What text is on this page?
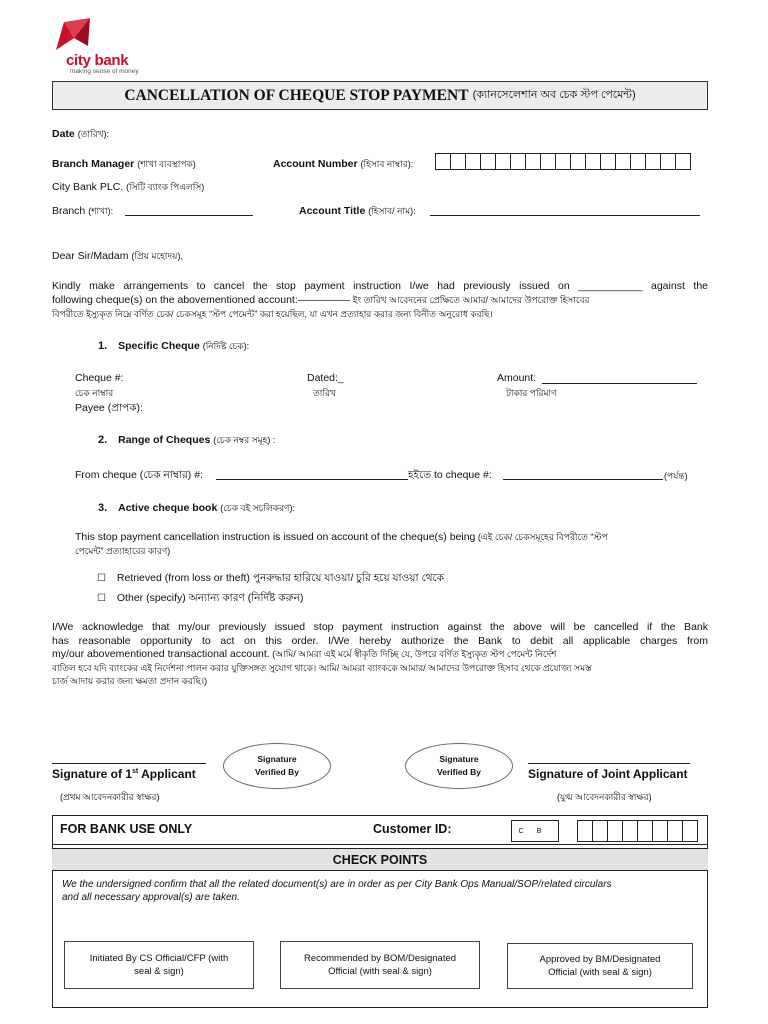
city bank
making sense of money
CANCELLATION OF CHEQUE STOP PAYMENT (ক্যানসেলেশান অব চেক স্টপ পেমেন্ট)
Date (তারিখ):
Branch Manager (শাখা ব্যবস্থাপক)	Account Number (হিসাব নাম্বার):
City Bank PLC. (সিটি ব্যাংক পিএলসি)
Branch (শাখা):	Account Title (হিসাব/ নাম):
Dear Sir/Madam (প্রিয় মহোদয়),
Kindly make arrangements to cancel the stop payment instruction I/we had previously issued on ___________ against the
following cheque(s) on the abovementioned account:————— ইং তারিখ আবেদনের প্রেক্ষিতে আমার/ আমাদের উপরোক্ত হিসাবের
বিপরীতে ইস্যুকৃত নিম্নে বর্ণিত চেক/ চেকসমূহ “স্টপ পেমেন্ট” করা হয়েছিল, যা এখন প্রত্যাহার করার জন্য বিনীত অনুরোধ করছি।
1. Specific Cheque (নির্দিষ্ট চেক):
Cheque #:
চেক নাম্বার
Dated:_
তারিখ
Amount:
টাকার পরিমাণ
Payee (প্রাপক):
2. Range of Cheques (চেক নম্বর সমূহ) :
From cheque (চেক নাম্বার) #:	হইতে to cheque #:	(পর্যন্ত)
3. Active cheque book (চেক বই সচলিকরণ):
This stop payment cancellation instruction is issued on account of the cheque(s) being (এই চেক/ চেকসমূহের বিপরীতে “স্টপ
পেমেন্ট” প্রত্যাহারের কারণ)
☐ Retrieved (from loss or theft) পুনরুদ্ধার হারিয়ে যাওয়া/ চুরি হয়ে যাওয়া থেকে
☐ Other (specify) অন্যান্য কারণ (নির্দিষ্ট করুন)
I/We acknowledge that my/our previously issued stop payment instruction against the above will be cancelled if the Bank
has reasonable opportunity to act on this order. I/We hereby authorize the Bank to debit all applicable charges from
my/our abovementioned transactional account. (আমি/ আমরা এই মর্মে স্বীকৃতি দিচ্ছি যে, উপরে বর্ণিত ইস্যুকৃত স্টপ পেমেন্ট নির্দেশ
বাতিল হবে যদি ব্যাংকের এই নির্দেশনা পালন করার যুক্তিসঙ্গত সুযোগ থাকে। আমি/ আমরা ব্যাংককে আমার/ আমাদের উপরোক্ত হিসাব থেকে প্রযোজ্য সমস্ত
চার্জ আদায় করার জন্য ক্ষমতা প্রদান করছি।)
Signature of 1st Applicant
(প্রথম আবেদনকারীর স্বাক্ষর)
Signature Verified By
Signature Verified By	Signature of Joint Applicant
(যুগ্ম আবেদনকারীর স্বাক্ষর)
FOR BANK USE ONLY	Customer ID:	C	B
CHECK POINTS
We the undersigned confirm that all the related document(s) are in order as per City Bank Ops Manual/SOP/related circulars
and all necessary approval(s) are taken.
Initiated By CS Official/CFP (with seal & sign)
Recommended by BOM/Designated Official (with seal & sign)
Approved by BM/Designated Official (with seal & sign)
